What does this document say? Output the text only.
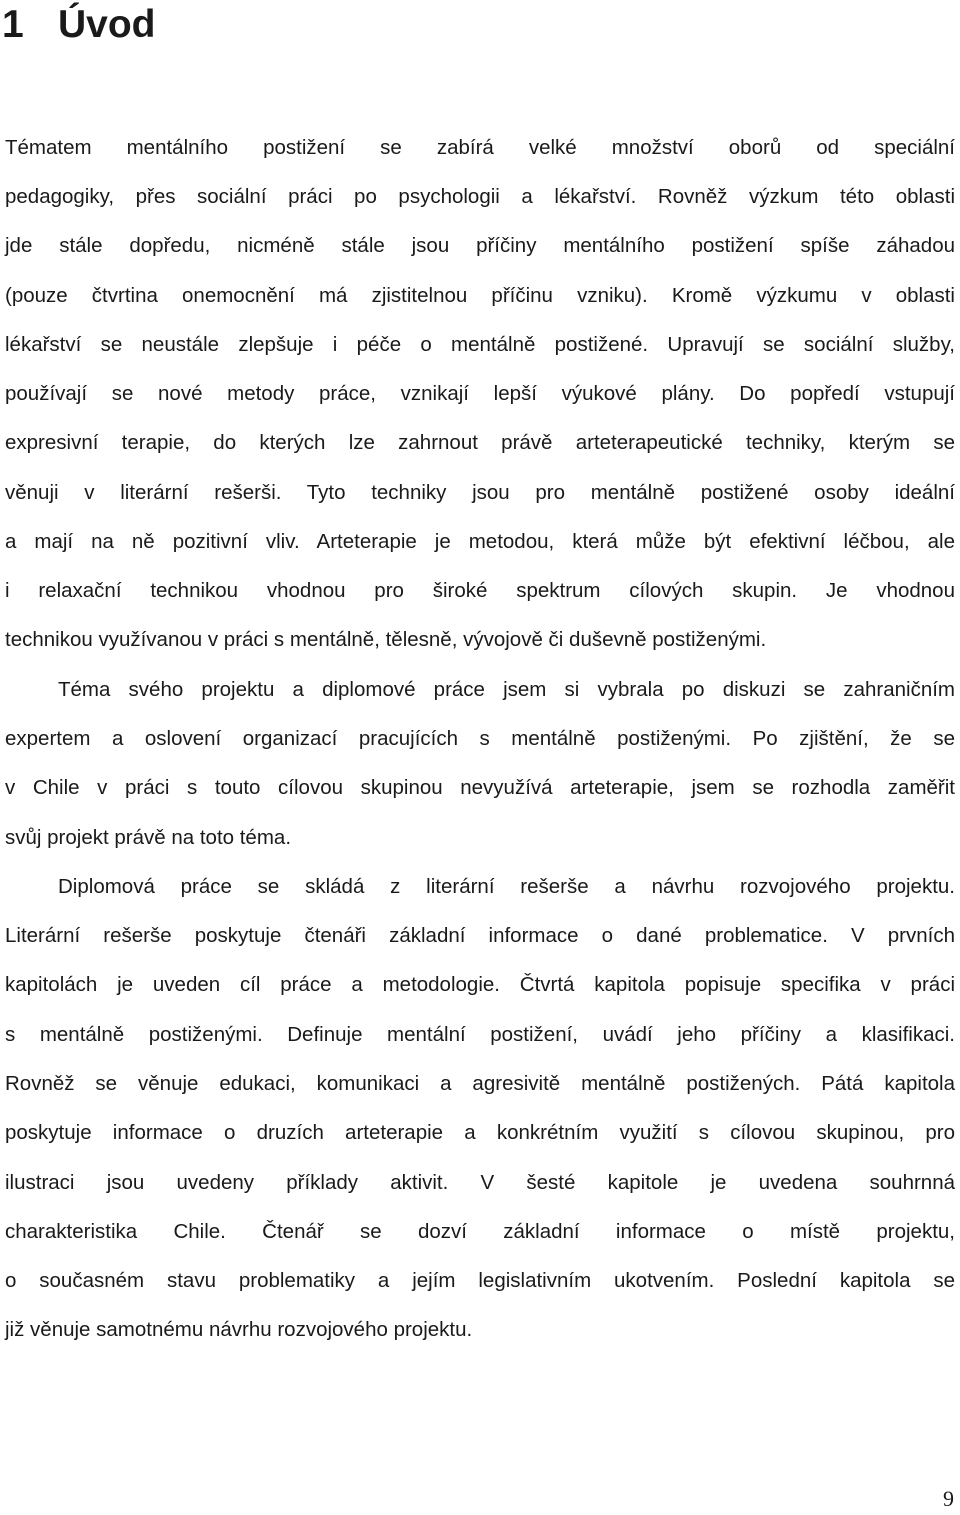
1 Úvod

Tématem mentálního postižení se zabírá velké množství oborů od speciální

pedagogiky, přes sociální práci po psychologii a lékařství. Rovněž výzkum této oblasti

jde stále dopředu, nicméně stále jsou příčiny mentálního postižení spíše záhadou

(pouze čtvrtina onemocnění má zjistitelnou příčinu vzniku). Kromě výzkumu v oblasti

lékařství se neustále zlepšuje i péče o mentálně postižené. Upravují se sociální služby,

používají se nové metody práce, vznikají lepší výukové plány. Do popředí vstupují

expresivní terapie, do kterých lze zahrnout právě arteterapeutické techniky, kterým se

věnuji v literární rešerši. Tyto techniky jsou pro mentálně postižené osoby ideální

a mají na ně pozitivní vliv. Arteterapie je metodou, která může být efektivní léčbou, ale

i relaxační technikou vhodnou pro široké spektrum cílových skupin. Je vhodnou

technikou využívanou v práci s mentálně, tělesně, vývojově či duševně postiženými.

Téma svého projektu a diplomové práce jsem si vybrala po diskuzi se zahraničním

expertem a oslovení organizací pracujících s mentálně postiženými. Po zjištění, že se

v Chile v práci s touto cílovou skupinou nevyužívá arteterapie, jsem se rozhodla zaměřit

svůj projekt právě na toto téma.

Diplomová práce se skládá z literární rešerše a návrhu rozvojového projektu.

Literární rešerše poskytuje čtenáři základní informace o dané problematice. V prvních

kapitolách je uveden cíl práce a metodologie. Čtvrtá kapitola popisuje specifika v práci

s mentálně postiženými. Definuje mentální postižení, uvádí jeho příčiny a klasifikaci.

Rovněž se věnuje edukaci, komunikaci a agresivitě mentálně postižených. Pátá kapitola

poskytuje informace o druzích arteterapie a konkrétním využití s cílovou skupinou, pro

ilustraci jsou uvedeny příklady aktivit. V šesté kapitole je uvedena souhrnná

charakteristika Chile. Čtenář se dozví základní informace o místě projektu,

o současném stavu problematiky a jejím legislativním ukotvením. Poslední kapitola se

již věnuje samotnému návrhu rozvojového projektu.

9
